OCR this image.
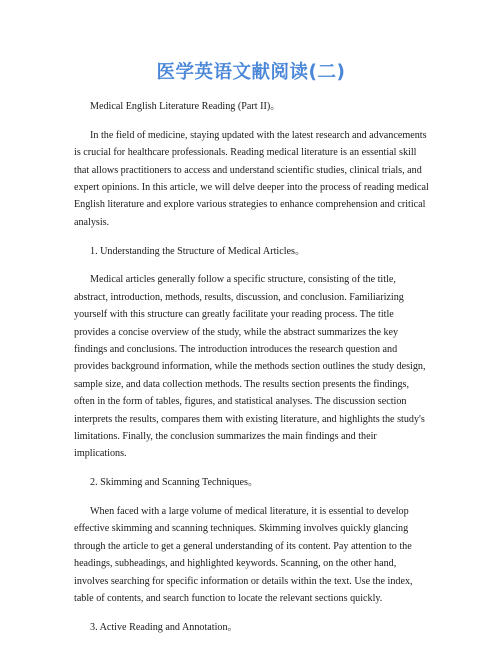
医学英语文献阅读(二)

Medical English Literature Reading (Part II)。

In the field of medicine, staying updated with the latest research and advancements is crucial for healthcare professionals. Reading medical literature is an essential skill that allows practitioners to access and understand scientific studies, clinical trials, and expert opinions. In this article, we will delve deeper into the process of reading medical English literature and explore various strategies to enhance comprehension and critical analysis.

1. Understanding the Structure of Medical Articles。

Medical articles generally follow a specific structure, consisting of the title, abstract, introduction, methods, results, discussion, and conclusion. Familiarizing yourself with this structure can greatly facilitate your reading process. The title provides a concise overview of the study, while the abstract summarizes the key findings and conclusions. The introduction introduces the research question and provides background information, while the methods section outlines the study design, sample size, and data collection methods. The results section presents the findings, often in the form of tables, figures, and statistical analyses. The discussion section interprets the results, compares them with existing literature, and highlights the study's limitations. Finally, the conclusion summarizes the main findings and their implications.

2. Skimming and Scanning Techniques。

When faced with a large volume of medical literature, it is essential to develop effective skimming and scanning techniques. Skimming involves quickly glancing through the article to get a general understanding of its content. Pay attention to the headings, subheadings, and highlighted keywords. Scanning, on the other hand, involves searching for specific information or details within the text. Use the index, table of contents, and search function to locate the relevant sections quickly.

3. Active Reading and Annotation。
